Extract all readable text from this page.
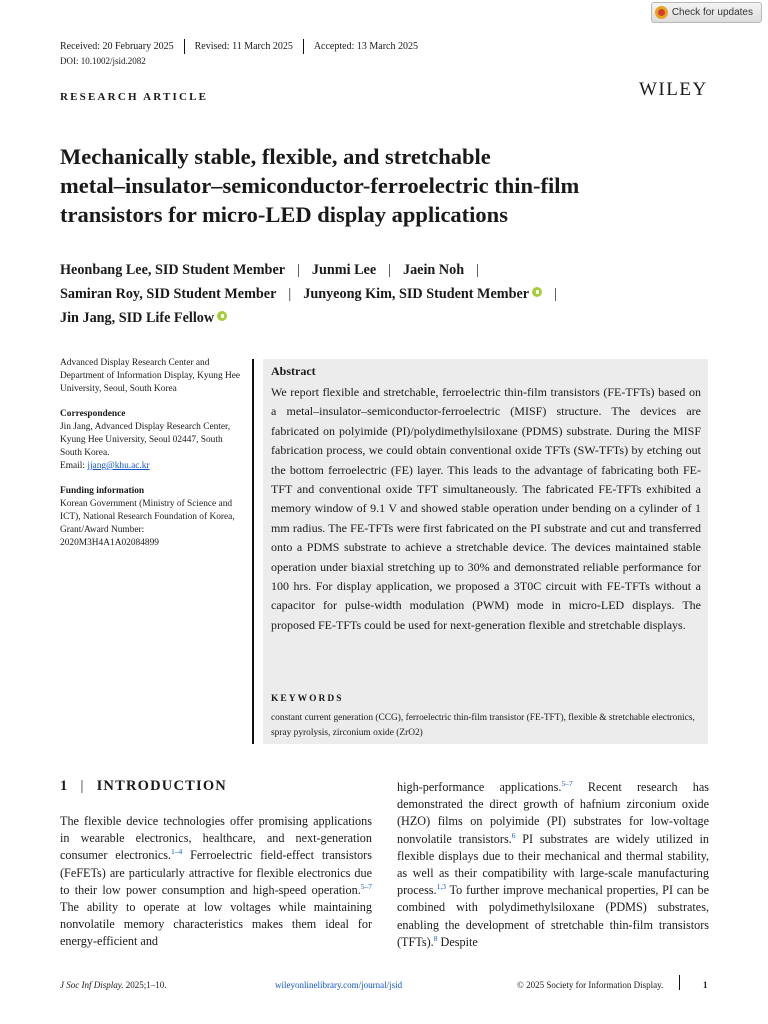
Check for updates
Received: 20 February 2025 Revised: 11 March 2025 Accepted: 13 March 2025
DOI: 10.1002/jsid.2082
RESEARCH ARTICLE	WILEY
Mechanically stable, flexible, and stretchable
metal–insulator–semiconductor-ferroelectric thin-film
transistors for micro-LED display applications
Heonbang Lee, SID Student Member | Junmi Lee | Jaein Noh |
Samiran Roy, SID Student Member | Junyeong Kim, SID Student Member |
Jin Jang, SID Life Fellow
Advanced Display Research Center and Department of Information Display, Kyung Hee University, Seoul, South Korea
Correspondence
Jin Jang, Advanced Display Research Center, Kyung Hee University, Seoul 02447, South South Korea.
Email: jjang@khu.ac.kr
Funding information
Korean Government (Ministry of Science and ICT), National Research Foundation of Korea, Grant/Award Number: 2020M3H4A1A02084899
Abstract
We report flexible and stretchable, ferroelectric thin-film transistors (FE-TFTs) based on a metal–insulator–semiconductor-ferroelectric (MISF) structure. The devices are fabricated on polyimide (PI)/polydimethylsiloxane (PDMS) substrate. During the MISF fabrication process, we could obtain conventional oxide TFTs (SW-TFTs) by etching out the bottom ferroelectric (FE) layer. This leads to the advantage of fabricating both FE-TFT and conventional oxide TFT simultaneously. The fabricated FE-TFTs exhibited a memory window of 9.1 V and showed stable operation under bending on a cylinder of 1 mm radius. The FE-TFTs were first fabricated on the PI substrate and cut and transferred onto a PDMS substrate to achieve a stretchable device. The devices maintained stable operation under biaxial stretching up to 30% and demonstrated reliable performance for 100 hrs. For display application, we proposed a 3T0C circuit with FE-TFTs without a capacitor for pulse-width modulation (PWM) mode in micro-LED displays. The proposed FE-TFTs could be used for next-generation flexible and stretchable displays.
KEYWORDS
constant current generation (CCG), ferroelectric thin-film transistor (FE-TFT), flexible & stretchable electronics, spray pyrolysis, zirconium oxide (ZrO2)
1 | INTRODUCTION

The flexible device technologies offer promising applications in wearable electronics, healthcare, and next-generation consumer electronics.$^{1-4}$ Ferroelectric field-effect transistors (FeFETs) are particularly attractive for flexible electronics due to their low power consumption and high-speed operation.$^{5-7}$ The ability to operate at low voltages while maintaining nonvolatile memory characteristics makes them ideal for energy-efficient and

high-performance applications.$^{5-7}$ Recent research has demonstrated the direct growth of hafnium zirconium oxide (HZO) films on polyimide (PI) substrates for low-voltage nonvolatile transistors.$^6$ PI substrates are widely utilized in flexible displays due to their mechanical and thermal stability, as well as their compatibility with large-scale manufacturing process.$^{1,3}$ To further improve mechanical properties, PI can be combined with polydimethylsiloxane (PDMS) substrates, enabling the development of stretchable thin-film transistors (TFTs).$^8$ Despite

J Soc Inf Display. 2025;1–10.	wileyonlinelibrary.com/journal/jsid	© 2025 Society for Information Display.	1
